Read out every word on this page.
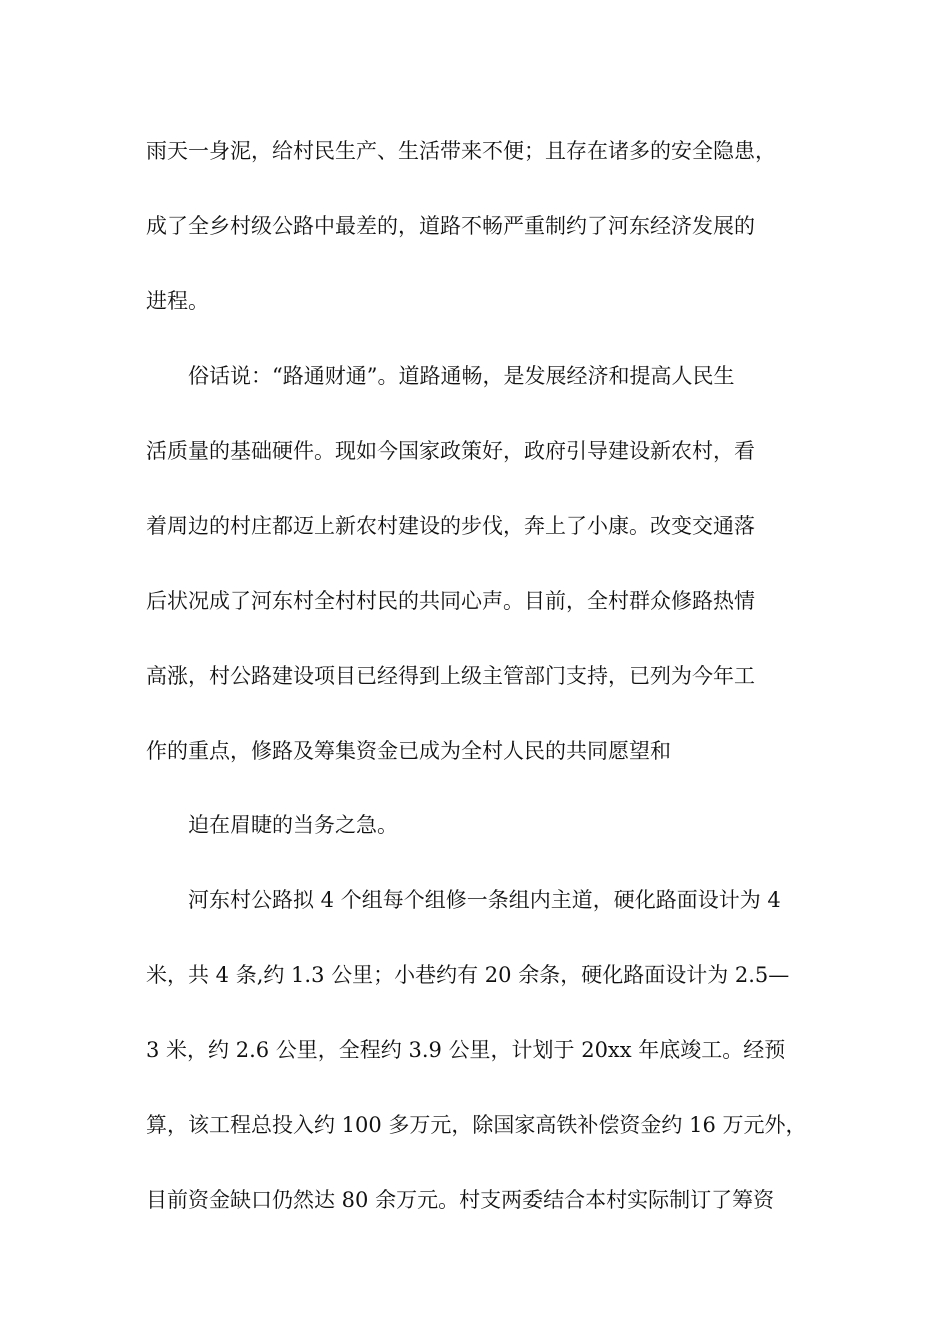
雨天一身泥，给村民生产、生活带来不便；且存在诸多的安全隐患，
成了全乡村级公路中最差的，道路不畅严重制约了河东经济发展的
进程。
俗话说：“路通财通”。道路通畅，是发展经济和提高人民生
活质量的基础硬件。现如今国家政策好，政府引导建设新农村，看
着周边的村庄都迈上新农村建设的步伐，奔上了小康。改变交通落
后状况成了河东村全村村民的共同心声。目前，全村群众修路热情
高涨，村公路建设项目已经得到上级主管部门支持，已列为今年工
作的重点，修路及筹集资金已成为全村人民的共同愿望和
迫在眉睫的当务之急。
河东村公路拟 4 个组每个组修一条组内主道，硬化路面设计为 4
米，共 4 条,约 1.3 公里；小巷约有 20 余条，硬化路面设计为 2.5—
3 米，约 2.6 公里，全程约 3.9 公里，计划于 20xx 年底竣工。经预
算，该工程总投入约 100 多万元，除国家高铁补偿资金约 16 万元外，
目前资金缺口仍然达 80 余万元。村支两委结合本村实际制订了筹资
